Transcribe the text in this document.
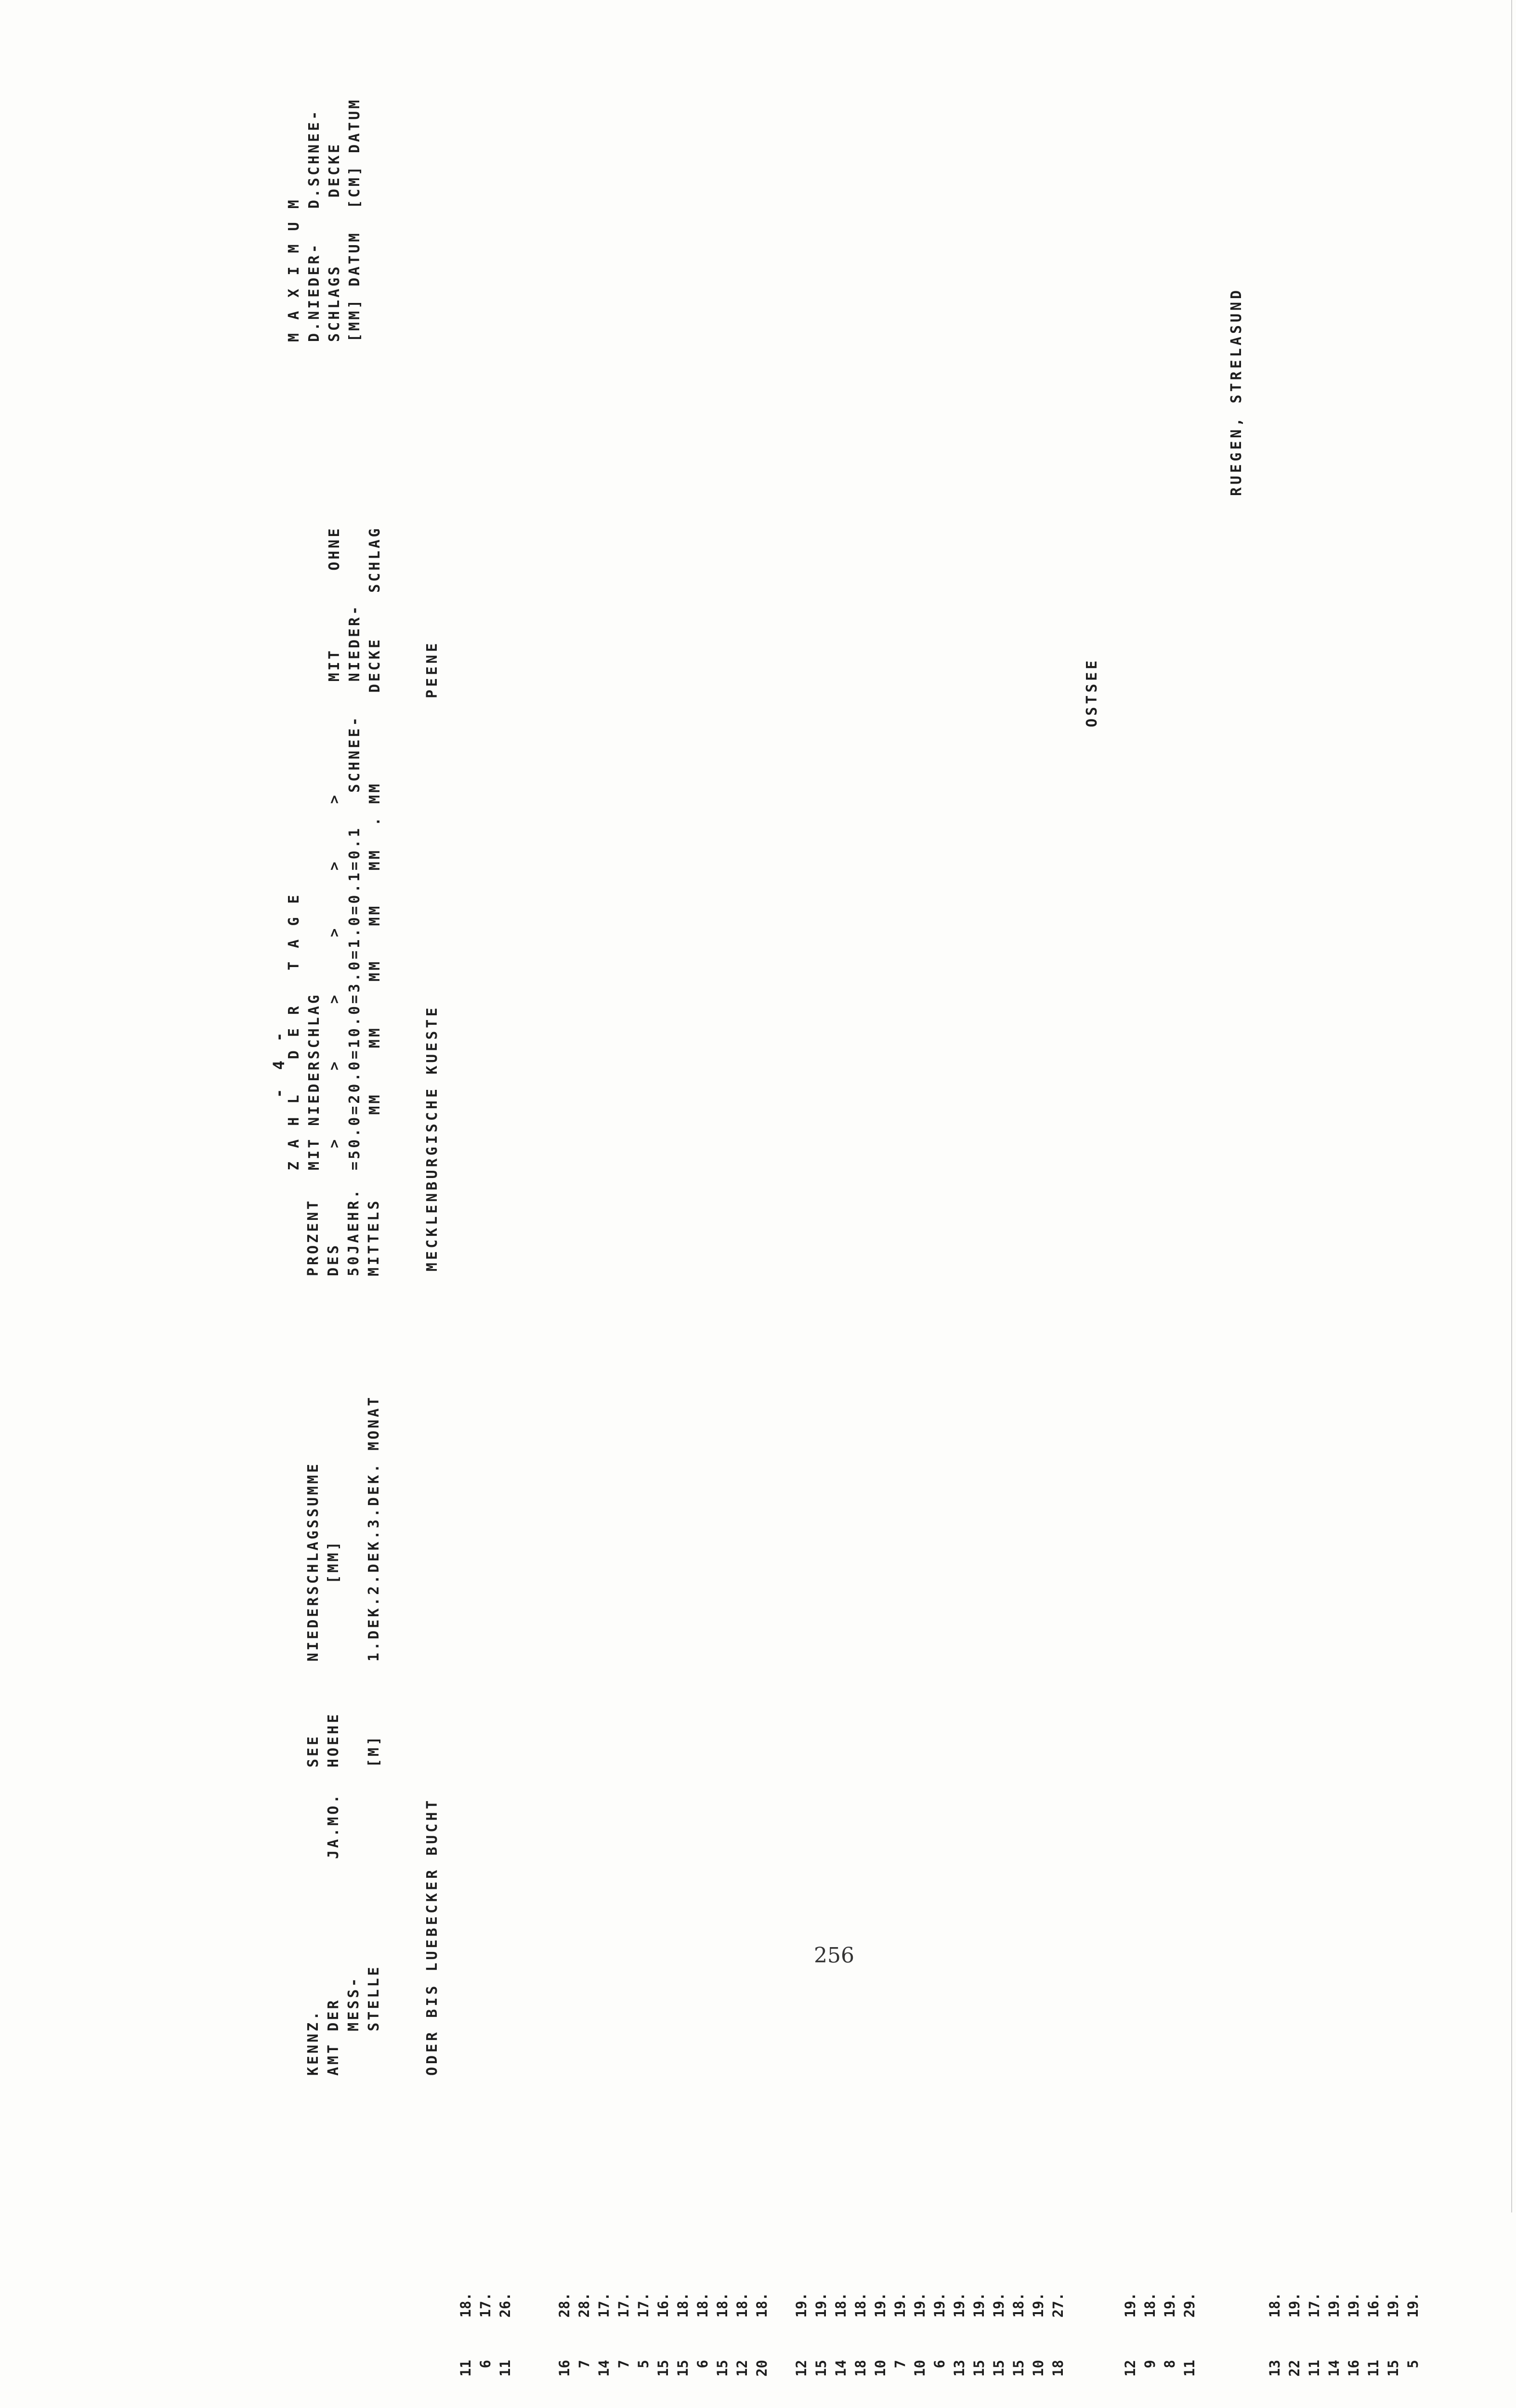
- 4 -
KENNZ.
AMT DER
MESS-
STELLE
JA.MO.
SEE
HOEHE

[M]
NIEDERSCHLAGSSUMME
[MM]

1.DEK.2.DEK.3.DEK. MONAT
PROZENT
DES
50JAEHR.
MITTELS
Z A H L   D E R   T A G E
MIT NIEDERSCHLAG
>      >     >     >     >     >          MIT       OHNE
=50.0=20.0=10.0=3.0=1.0=0.1=0.1   SCHNEE-   NIEDER-
MM    MM    MM   MM   MM  . MM        DECKE    SCHLAG
M A X I M U M
D.NIEDER-   D.SCHNEE-
SCHLAGS      DECKE
[MM] DATUM  [CM] DATUM
ODER BIS LUEBECKER BUCHT
MECKLENBURGISCHE KUESTE
PEENE
11
18.
6
17.
11
26.
16
28.
7
28.
14
17.
7
17.
5
17.
15
16.
15
18.
6
18.
15
18.
12
18.
20
18.
12
19.
15
19.
14
18.
18
18.
10
19.
7
19.
10
19.
6
19.
13
19.
15
19.
15
19.
15
18.
10
19.
18
27.
OSTSEE
12
19.
9
18.
8
19.
11
29.
RUEGEN, STRELASUND
13
18.
22
19.
11
17.
14
19.
16
19.
11
16.
15
19.
5
19.
256
